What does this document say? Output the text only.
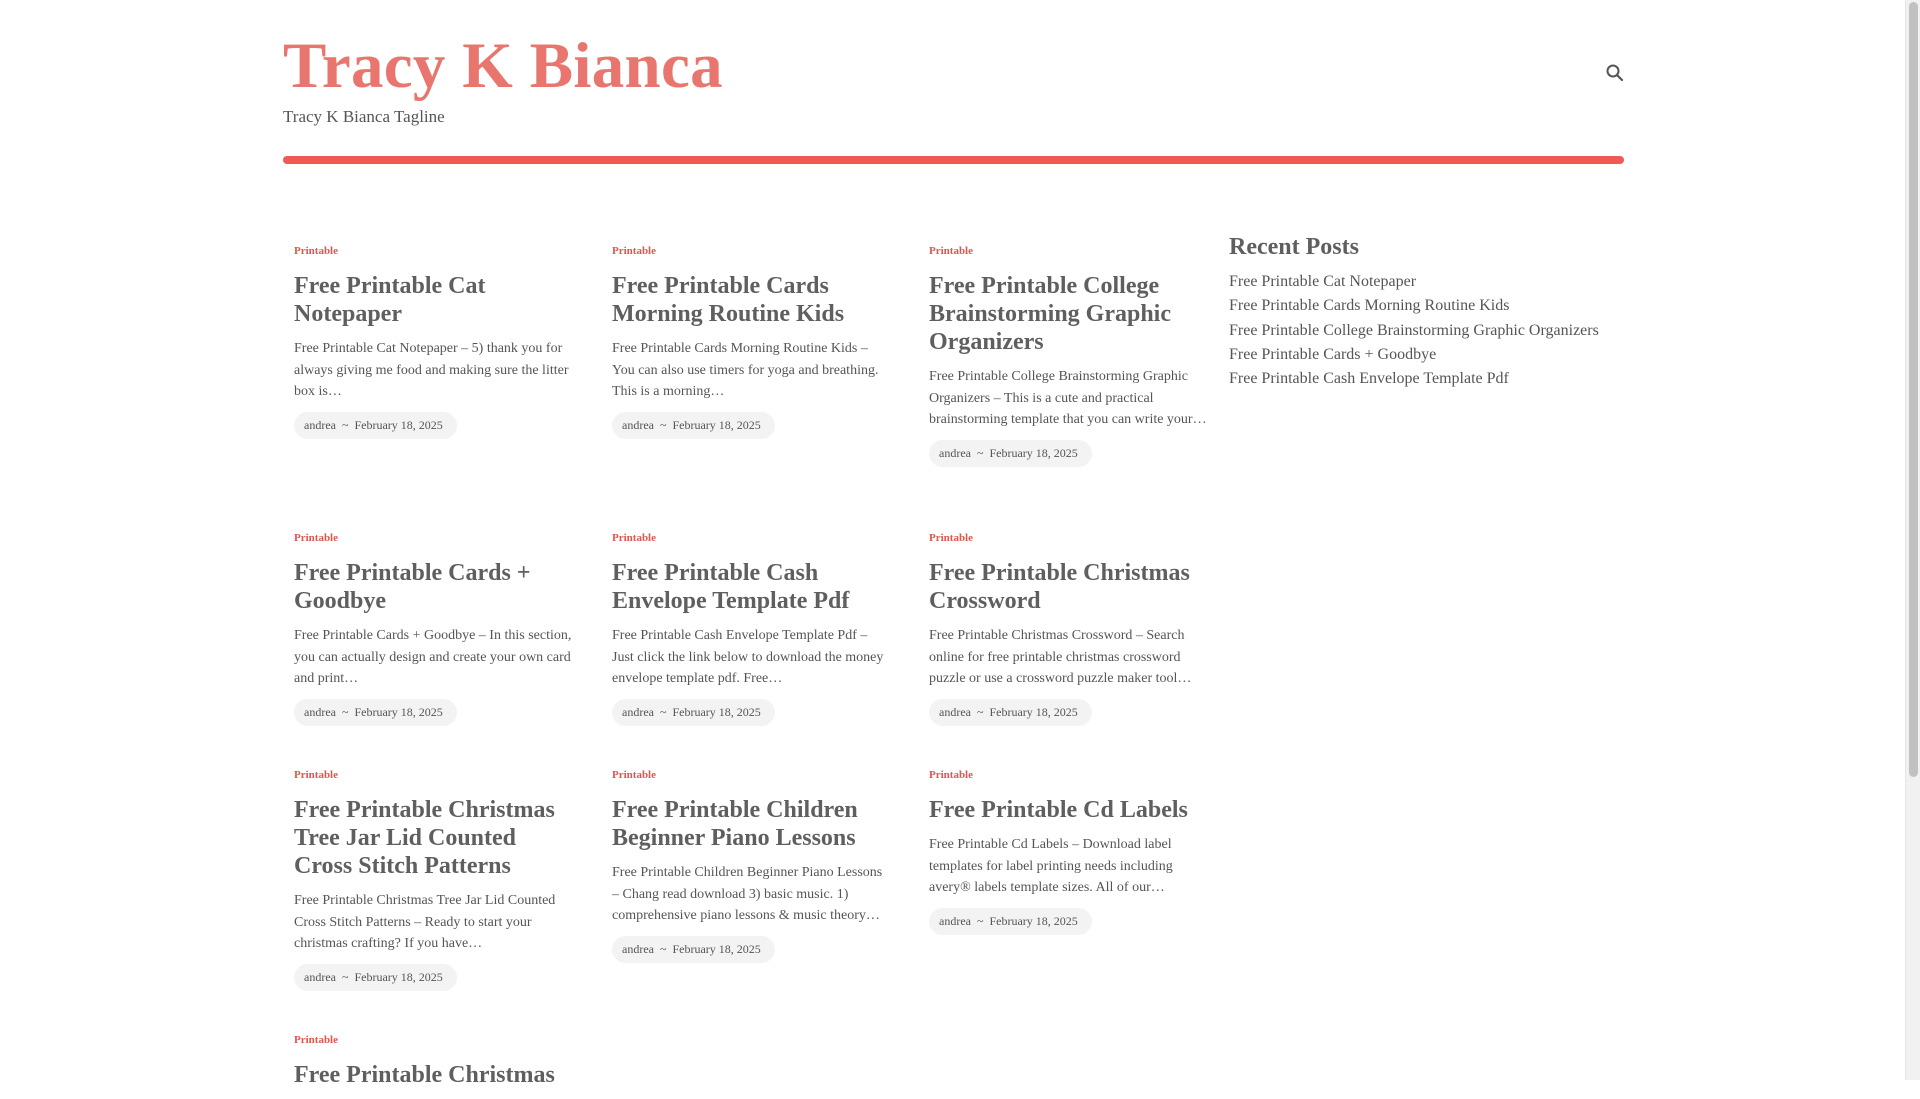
Tracy K Bianca
Tracy K Bianca Tagline
Printable
Free Printable Cat Notepaper

Free Printable Cat Notepaper – 5) thank you for always giving me food and making sure the litter box is…

andrea ~ February 18, 2025
Printable
Free Printable Cards Morning Routine Kids

Free Printable Cards Morning Routine Kids – You can also use timers for yoga and breathing. This is a morning…

andrea ~ February 18, 2025
Printable
Free Printable College Brainstorming Graphic Organizers

Free Printable College Brainstorming Graphic Organizers – This is a cute and practical brainstorming template that you can write your…

andrea ~ February 18, 2025
Printable
Free Printable Cards + Goodbye

Free Printable Cards + Goodbye – In this section, you can actually design and create your own card and print…

andrea ~ February 18, 2025
Printable
Free Printable Cash Envelope Template Pdf

Free Printable Cash Envelope Template Pdf – Just click the link below to download the money envelope template pdf. Free…

andrea ~ February 18, 2025
Printable
Free Printable Christmas Crossword

Free Printable Christmas Crossword – Search online for free printable christmas crossword puzzle or use a crossword puzzle maker tool…

andrea ~ February 18, 2025
Printable
Free Printable Christmas Tree Jar Lid Counted Cross Stitch Patterns

Free Printable Christmas Tree Jar Lid Counted Cross Stitch Patterns – Ready to start your christmas crafting? If you have…

andrea ~ February 18, 2025
Printable
Free Printable Children Beginner Piano Lessons

Free Printable Children Beginner Piano Lessons – Chang read download 3) basic music. 1) comprehensive piano lessons & music theory…

andrea ~ February 18, 2025
Printable
Free Printable Cd Labels

Free Printable Cd Labels – Download label templates for label printing needs including avery® labels template sizes. All of our…

andrea ~ February 18, 2025
Printable
Free Printable Christmas
Recent Posts
Free Printable Cat Notepaper
Free Printable Cards Morning Routine Kids
Free Printable College Brainstorming Graphic Organizers
Free Printable Cards + Goodbye
Free Printable Cash Envelope Template Pdf
